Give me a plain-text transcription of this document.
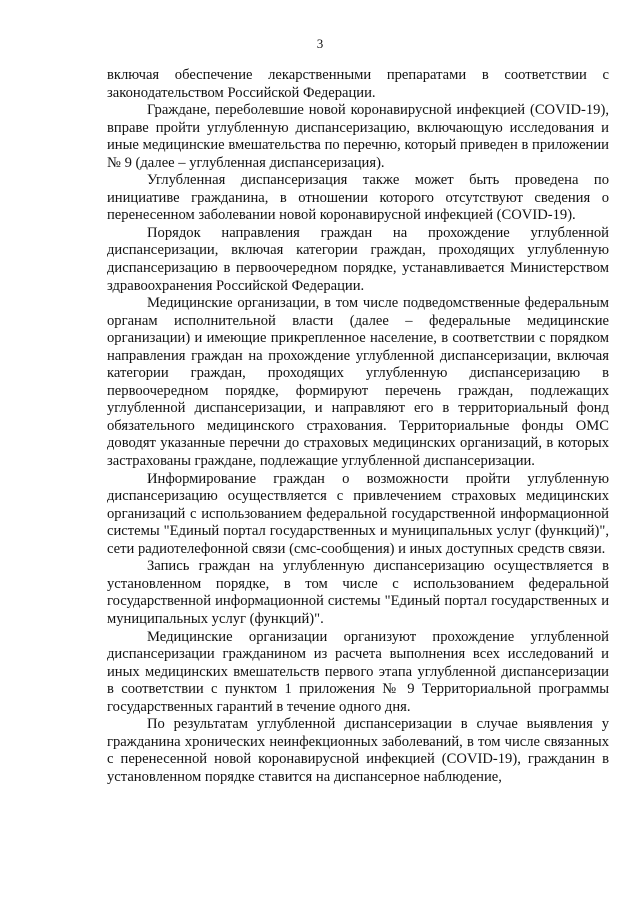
3

включая обеспечение лекарственными препаратами в соответствии с законодательством Российской Федерации.

Граждане, переболевшие новой коронавирусной инфекцией (COVID-19), вправе пройти углубленную диспансеризацию, включающую исследования и иные медицинские вмешательства по перечню, который приведен в приложении № 9 (далее – углубленная диспансеризация).

Углубленная диспансеризация также может быть проведена по инициативе гражданина, в отношении которого отсутствуют сведения о перенесенном заболевании новой коронавирусной инфекцией (COVID-19).

Порядок направления граждан на прохождение углубленной диспансеризации, включая категории граждан, проходящих углубленную диспансеризацию в первоочередном порядке, устанавливается Министерством здравоохранения Российской Федерации.

Медицинские организации, в том числе подведомственные федеральным органам исполнительной власти (далее – федеральные медицинские организации) и имеющие прикрепленное население, в соответствии с порядком направления граждан на прохождение углубленной диспансеризации, включая категории граждан, проходящих углубленную диспансеризацию в первоочередном порядке, формируют перечень граждан, подлежащих углубленной диспансеризации, и направляют его в территориальный фонд обязательного медицинского страхования. Территориальные фонды ОМС доводят указанные перечни до страховых медицинских организаций, в которых застрахованы граждане, подлежащие углубленной диспансеризации.

Информирование граждан о возможности пройти углубленную диспансеризацию осуществляется с привлечением страховых медицинских организаций с использованием федеральной государственной информационной системы "Единый портал государственных и муниципальных услуг (функций)", сети радиотелефонной связи (смс-сообщения) и иных доступных средств связи.

Запись граждан на углубленную диспансеризацию осуществляется в установленном порядке, в том числе с использованием федеральной государственной информационной системы "Единый портал государственных и муниципальных услуг (функций)".

Медицинские организации организуют прохождение углубленной диспансеризации гражданином из расчета выполнения всех исследований и иных медицинских вмешательств первого этапа углубленной диспансеризации в соответствии с пунктом 1 приложения № 9 Территориальной программы государственных гарантий в течение одного дня.

По результатам углубленной диспансеризации в случае выявления у гражданина хронических неинфекционных заболеваний, в том числе связанных с перенесенной новой коронавирусной инфекцией (COVID-19), гражданин в установленном порядке ставится на диспансерное наблюдение,
